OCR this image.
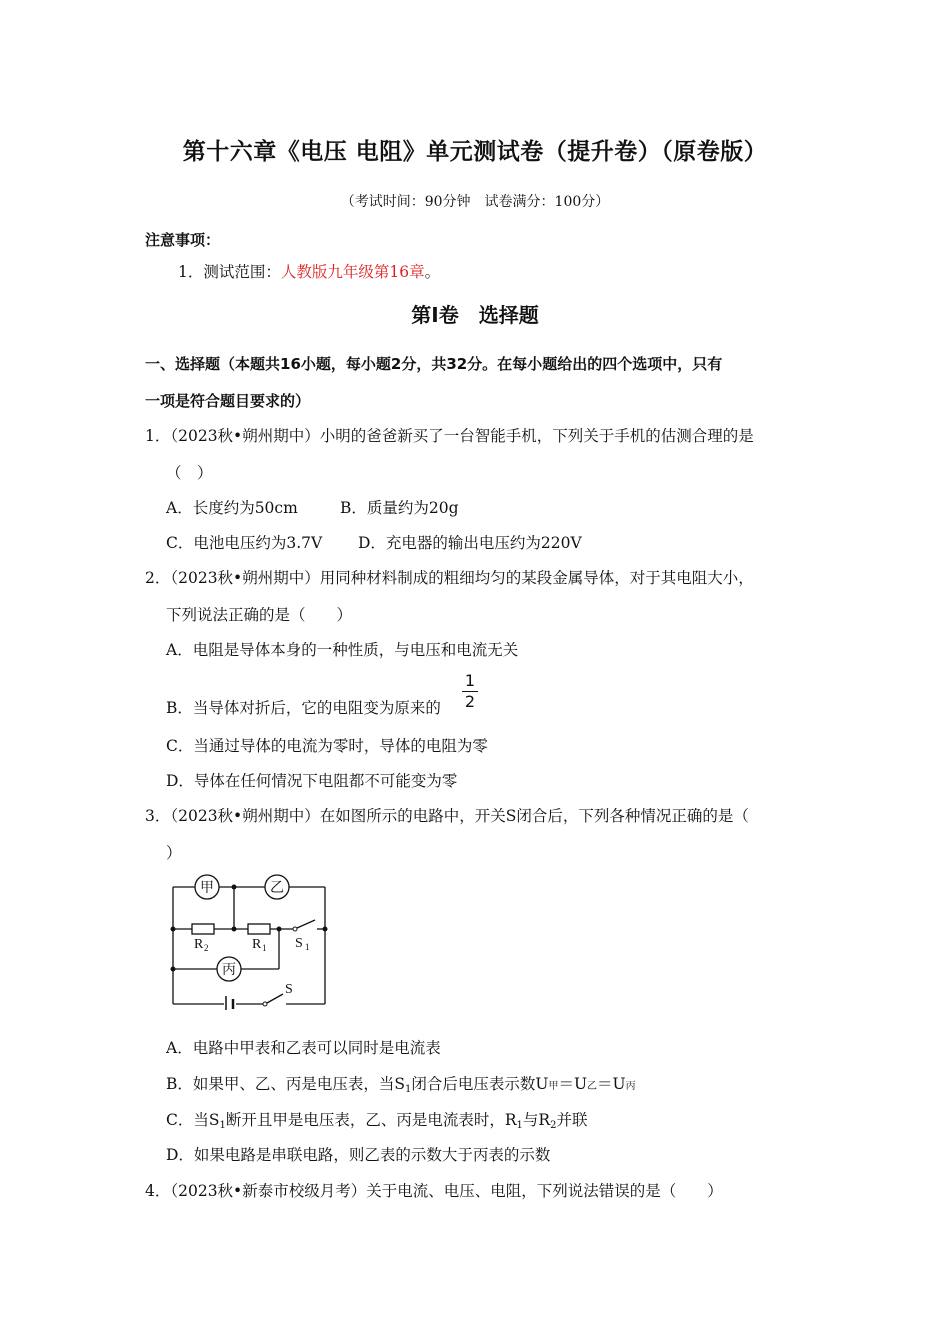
第十六章《电压 电阻》单元测试卷（提升卷）（原卷版）
（考试时间：90分钟　试卷满分：100分）
注意事项：
1．测试范围：人教版九年级第16章。
第Ⅰ卷　选择题
一、选择题（本题共16小题，每小题2分，共32分。在每小题给出的四个选项中，只有
一项是符合题目要求的）
1．（2023秋•朔州期中）小明的爸爸新买了一台智能手机，下列关于手机的估测合理的是
（　）
A．长度约为50cm	B．质量约为20g
C．电池电压约为3.7V D．充电器的输出电压约为220V
2．（2023秋•朔州期中）用同种材料制成的粗细均匀的某段金属导体，对于其电阻大小，
下列说法正确的是（　　）
A．电阻是导体本身的一种性质，与电压和电流无关
B．当导体对折后，它的电阻变为原来的
1
2
C．当通过导体的电流为零时，导体的电阻为零
D．导体在任何情况下电阻都不可能变为零
3．（2023秋•朔州期中）在如图所示的电路中，开关S闭合后，下列各种情况正确的是（
）
甲	乙
丙
R 2	R 1 S 1
S
A．电路中甲表和乙表可以同时是电流表
B．如果甲、乙、丙是电压表，当$S_1$闭合后电压表示数U甲＝U乙＝U丙
C．当$S_1$断开且甲是电压表，乙、丙是电流表时，$R_1$与$R_2$并联
D．如果电路是串联电路，则乙表的示数大于丙表的示数
4．（2023秋•新泰市校级月考）关于电流、电压、电阻，下列说法错误的是（　　）
